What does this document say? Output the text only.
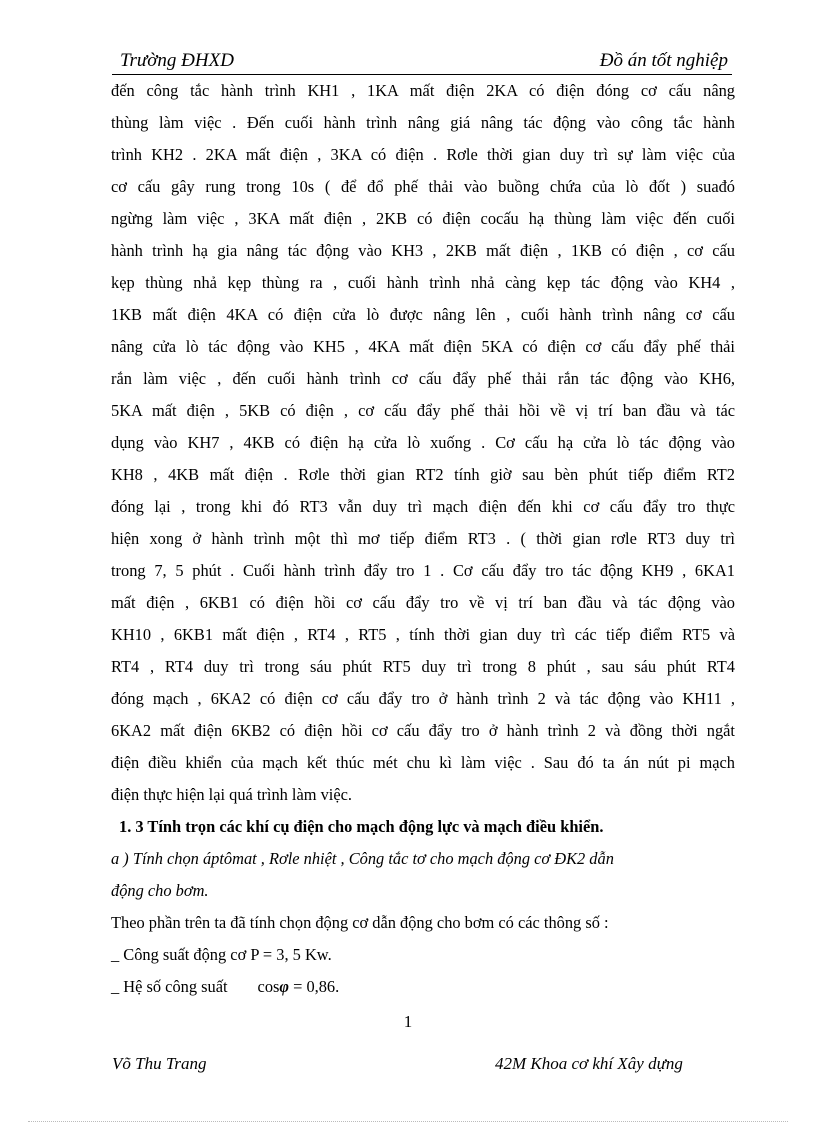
Trường ĐHXD	Đồ án tốt nghiệp
đến công tắc hành trình KH1 , 1KA mất điện 2KA có điện đóng cơ cấu nâng
thùng làm việc . Đến cuối hành trình nâng giá nâng tác động vào công tắc hành
trình KH2 . 2KA mất điện , 3KA có điện . Rơle thời gian duy trì sự làm việc của
cơ cấu gây rung trong 10s ( để đổ phế thải vào buồng chứa của lò đốt ) suađó
ngừng làm việc , 3KA mất điện , 2KB có điện cocấu hạ thùng làm việc đến cuối
hành trình hạ gia nâng tác động vào KH3 , 2KB mất điện , 1KB có điện , cơ cấu
kẹp thùng nhả kẹp thùng ra , cuối hành trình nhả càng kẹp tác động vào KH4 ,
1KB mất điện 4KA có điện cửa lò được nâng lên , cuối hành trình nâng cơ cấu
nâng cửa lò tác động vào KH5 , 4KA mất điện 5KA có điện cơ cấu đẩy phế thải
rắn làm việc , đến cuối hành trình cơ cấu đẩy phế thải rắn tác động vào KH6,
5KA mất điện , 5KB có điện , cơ cấu đẩy phế thải hồi về vị trí ban đầu và tác
dụng vào KH7 , 4KB có điện hạ cửa lò xuống . Cơ cấu hạ cửa lò tác động vào
KH8 , 4KB mất điện . Rơle thời gian RT2 tính giờ sau bèn phút tiếp điểm RT2
đóng lại , trong khi đó RT3 vẫn duy trì mạch điện đến khi cơ cấu đẩy tro thực
hiện xong ở hành trình một thì mơ tiếp điểm RT3 . ( thời gian rơle RT3 duy trì
trong 7, 5 phút . Cuối hành trình đẩy tro 1 . Cơ cấu đẩy tro tác động KH9 , 6KA1
mất điện , 6KB1 có điện hồi cơ cấu đẩy tro về vị trí ban đầu và tác động vào
KH10 , 6KB1 mất điện , RT4 , RT5 , tính thời gian duy trì các tiếp điểm RT5 và
RT4 , RT4 duy trì trong sáu phút RT5 duy trì trong 8 phút , sau sáu phút RT4
đóng mạch , 6KA2 có điện cơ cấu đẩy tro ở hành trình 2 và tác động vào KH11 ,
6KA2 mất điện 6KB2 có điện hồi cơ cấu đẩy tro ở hành trình 2 và đồng thời ngắt
điện điều khiển của mạch kết thúc mét chu kì làm việc . Sau đó ta án nút pi mạch
điện thực hiện lại quá trình làm việc.
1. 3 Tính trọn các khí cụ điện cho mạch động lực và mạch điều khiển.
a ) Tính chọn áptômat , Rơle nhiệt , Công tắc tơ cho mạch động cơ ĐK2 dẫn
động cho bơm.
Theo phần trên ta đã tính chọn động cơ dẫn động cho bơm có các thông số :
_ Công suất động cơ P = 3, 5 Kw.
_ Hệ số công suất cosφ = 0,86.
1
Võ Thu Trang	42M Khoa cơ khí Xây dựng
